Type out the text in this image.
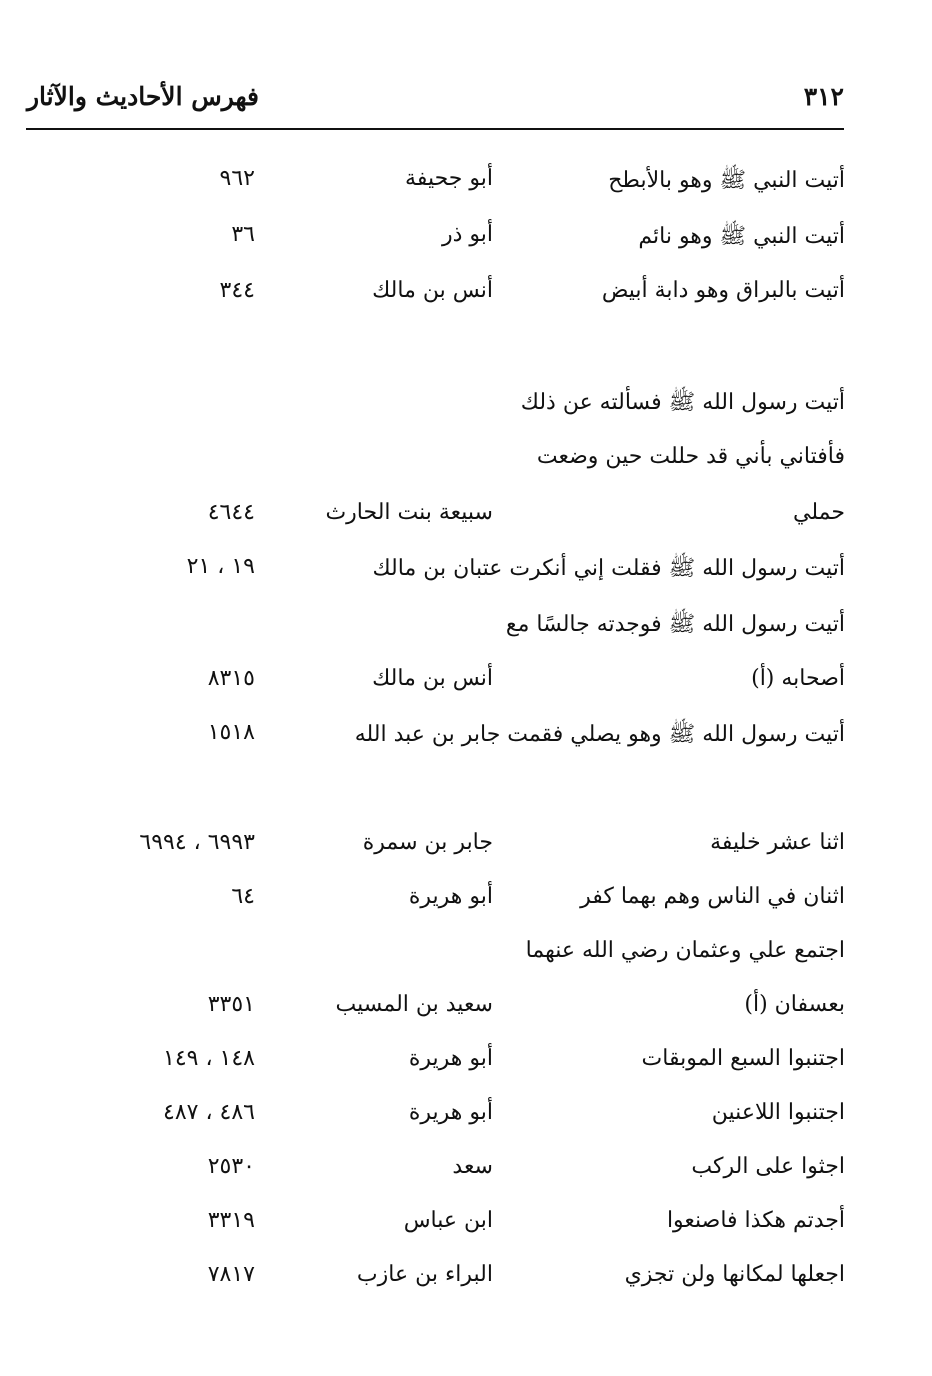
فهرس الأحاديث والآثار	٣١٢
أتيت النبي ﷺ وهو بالأبطح
أبو جحيفة
٩٦٢
أتيت النبي ﷺ وهو نائم
أبو ذر
٣٦
أتيت بالبراق وهو دابة أبيض
أنس بن مالك
٣٤٤
أتيت رسول الله ﷺ فسألته عن ذلك
فأفتاني بأني قد حللت حين وضعت
حملي
سبيعة بنت الحارث
٤٦٤٤
أتيت رسول الله ﷺ فقلت إني أنكرت عتبان بن مالك
١٩ ، ٢١
أتيت رسول الله ﷺ فوجدته جالسًا مع
أصحابه (أ)
أنس بن مالك
٨٣١٥
أتيت رسول الله ﷺ وهو يصلي فقمت جابر بن عبد الله
١٥١٨
اثنا عشر خليفة
جابر بن سمرة
٦٩٩٣ ، ٦٩٩٤
اثنان في الناس وهم بهما كفر
أبو هريرة
٦٤
اجتمع علي وعثمان رضي الله عنهما
بعسفان (أ)
سعيد بن المسيب
٣٣٥١
اجتنبوا السبع الموبقات
أبو هريرة
١٤٨ ، ١٤٩
اجتنبوا اللاعنين
أبو هريرة
٤٨٦ ، ٤٨٧
اجثوا على الركب
سعد
٢٥٣٠
أجدتم هكذا فاصنعوا
ابن عباس
٣٣١٩
اجعلها لمكانها ولن تجزي
البراء بن عازب
٧٨١٧
